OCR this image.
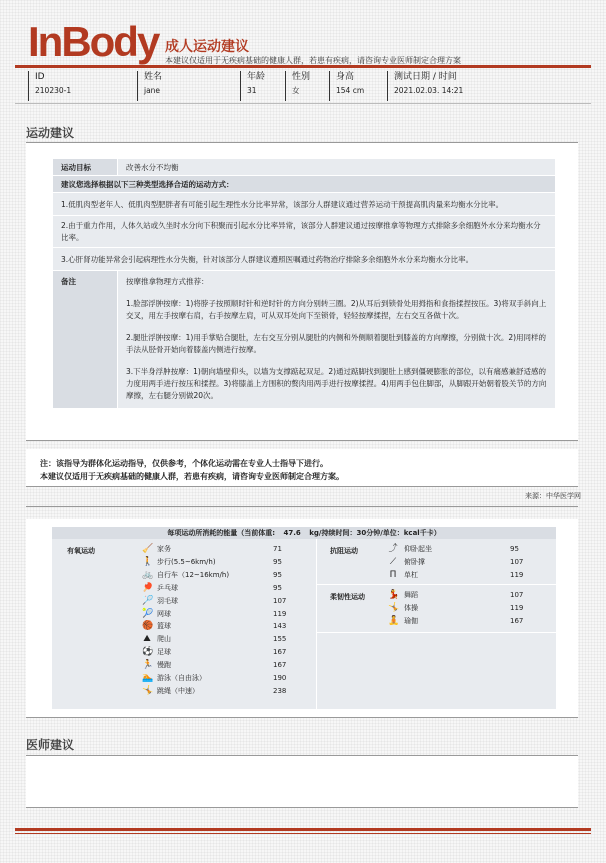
InBody 成人运动建议
本建议仅适用于无疾病基础的健康人群，若患有疾病，请咨询专业医师制定合理方案
ID
210230-1
姓名
jane
年龄
31
性别
女
身高
154 cm
测试日期 / 时间
2021.02.03. 14:21
运动建议
运动目标	改善水分不均衡
建议您选择根据以下三种类型选择合适的运动方式：	
1.低肌肉型老年人、低肌肉型肥胖者有可能引起生理性水分比率异常，该部分人群建议通过营养运动干预提高肌肉量来均衡水分比率。	
2.由于重力作用，人体久站或久坐时水分向下积聚而引起水分比率异常，该部分人群建议通过按摩推拿等物理方式排除多余细胞外水分来均衡水分比率。	
3.心肝肾功能异常会引起病理性水分失衡，针对该部分人群建议遵照医嘱通过药物治疗排除多余细胞外水分来均衡水分比率。	
备注	按摩推拿物理方式推荐：
1.脸部浮肿按摩：1)将脖子按照顺时针和逆时针的方向分别转三圈。2)从耳后到锁骨处用拇指和食指揉捏按压。3)将双手斜向上交叉，用左手按摩右肩，右手按摩左肩，可从双耳处向下至锁骨，轻轻按摩揉捏，左右交互各做十次。
2.腿肚浮肿按摩：1)用手掌贴合腿肚，左右交互分别从腿肚的内侧和外侧顺着腿肚到膝盖的方向摩擦，分别做十次。2)用同样的手法从胫骨开始向着膝盖内侧进行按摩。
3.下半身浮肿按摩：1)朝向墙壁仰头，以墙为支撑踮起双足。2)通过踮脚找到腿肚上感到僵硬膨胀的部位，以有痛感兼舒适感的力度用两手进行按压和揉捏。3)将膝盖上方围积的赘肉用两手进行按摩揉捏。4)用两手包住脚部，从脚跟开始朝着股关节的方向摩擦，左右腿分别做20次。
注：该指导为群体化运动指导，仅供参考，个体化运动需在专业人士指导下进行。
本建议仅适用于无疾病基础的健康人群，若患有疾病，请咨询专业医师制定合理方案。
来源：中华医学网
每项运动所消耗的能量（当前体重: 47.6 kg/持续时间：30分钟/单位：kcal千卡）
有氧运动	抗阻运动
柔韧性运动
🧹 家务	71
🚶 步行(5.5~6km/h)	95
🚲 自行车（12~16km/h)	95
🏓 乒乓球	95
🏸 羽毛球	107
🎾 网球	119
🏀 篮球	143
⛰ 爬山	155
⚽ 足球	167
🏃 慢跑	167
🏊 游泳（自由泳）	190
🤸 跳绳（中速）	238
⤴ 仰卧起坐	95
⟋ 俯卧撑	107
Π 单杠	119
💃 舞蹈	107
🤸 体操	119
🧘 瑜伽	167
医师建议
